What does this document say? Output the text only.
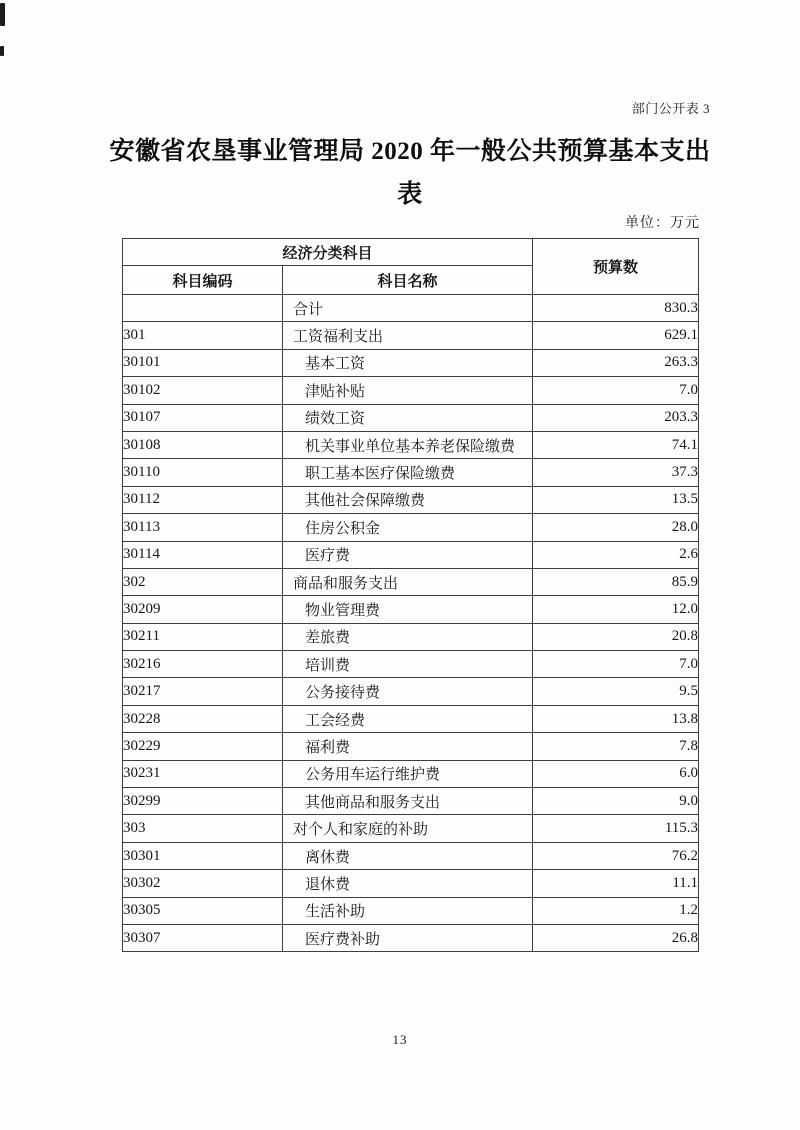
部门公开表 3
安徽省农垦事业管理局 2020 年一般公共预算基本支出
表
单位：万元
经济分类科目		预算数
科目编码	科目名称	
	合计	830.3
301	工资福利支出	629.1
30101	基本工资	263.3
30102	津贴补贴	7.0
30107	绩效工资	203.3
30108	机关事业单位基本养老保险缴费	74.1
30110	职工基本医疗保险缴费	37.3
30112	其他社会保障缴费	13.5
30113	住房公积金	28.0
30114	医疗费	2.6
302	商品和服务支出	85.9
30209	物业管理费	12.0
30211	差旅费	20.8
30216	培训费	7.0
30217	公务接待费	9.5
30228	工会经费	13.8
30229	福利费	7.8
30231	公务用车运行维护费	6.0
30299	其他商品和服务支出	9.0
303	对个人和家庭的补助	115.3
30301	离休费	76.2
30302	退休费	11.1
30305	生活补助	1.2
30307	医疗费补助	26.8
13
